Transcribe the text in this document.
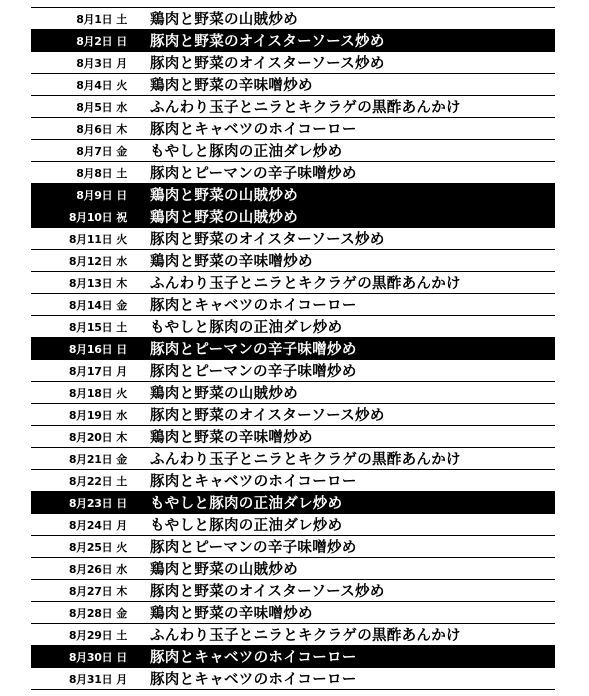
8月1日 土	鶏肉と野菜の山賊炒め
8月2日 日	豚肉と野菜のオイスターソース炒め
8月3日 月	豚肉と野菜のオイスターソース炒め
8月4日 火	鶏肉と野菜の辛味噌炒め
8月5日 水	ふんわり玉子とニラとキクラゲの黒酢あんかけ
8月6日 木	豚肉とキャベツのホイコーロー
8月7日 金	もやしと豚肉の正油ダレ炒め
8月8日 土	豚肉とピーマンの辛子味噌炒め
8月9日 日	鶏肉と野菜の山賊炒め
8月10日 祝	鶏肉と野菜の山賊炒め
8月11日 火	豚肉と野菜のオイスターソース炒め
8月12日 水	鶏肉と野菜の辛味噌炒め
8月13日 木	ふんわり玉子とニラとキクラゲの黒酢あんかけ
8月14日 金	豚肉とキャベツのホイコーロー
8月15日 土	もやしと豚肉の正油ダレ炒め
8月16日 日	豚肉とピーマンの辛子味噌炒め
8月17日 月	豚肉とピーマンの辛子味噌炒め
8月18日 火	鶏肉と野菜の山賊炒め
8月19日 水	豚肉と野菜のオイスターソース炒め
8月20日 木	鶏肉と野菜の辛味噌炒め
8月21日 金	ふんわり玉子とニラとキクラゲの黒酢あんかけ
8月22日 土	豚肉とキャベツのホイコーロー
8月23日 日	もやしと豚肉の正油ダレ炒め
8月24日 月	もやしと豚肉の正油ダレ炒め
8月25日 火	豚肉とピーマンの辛子味噌炒め
8月26日 水	鶏肉と野菜の山賊炒め
8月27日 木	豚肉と野菜のオイスターソース炒め
8月28日 金	鶏肉と野菜の辛味噌炒め
8月29日 土	ふんわり玉子とニラとキクラゲの黒酢あんかけ
8月30日 日	豚肉とキャベツのホイコーロー
8月31日 月	豚肉とキャベツのホイコーロー
